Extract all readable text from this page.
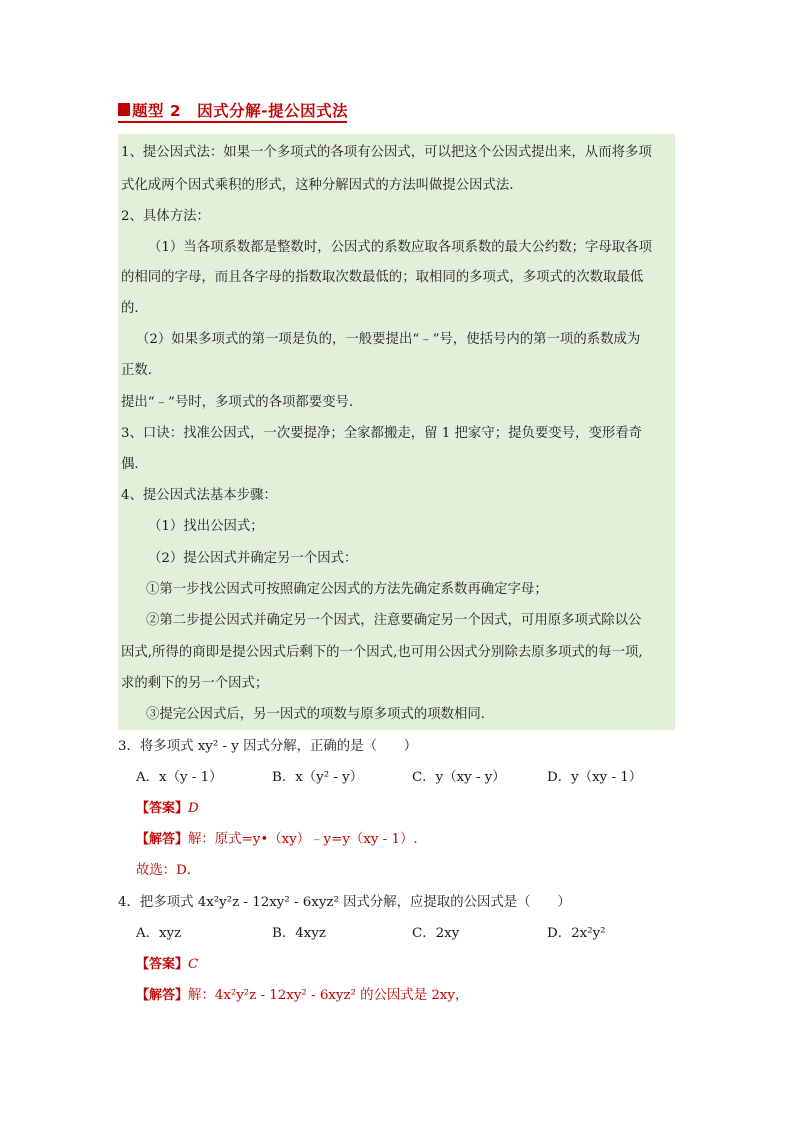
题型 2　因式分解-提公因式法
1、提公因式法：如果一个多项式的各项有公因式，可以把这个公因式提出来，从而将多项
式化成两个因式乘积的形式，这种分解因式的方法叫做提公因式法．
2、具体方法：
（1）当各项系数都是整数时，公因式的系数应取各项系数的最大公约数；字母取各项
的相同的字母，而且各字母的指数取次数最低的；取相同的多项式，多项式的次数取最低
的．
（2）如果多项式的第一项是负的，一般要提出“﹣”号，使括号内的第一项的系数成为
正数．
提出“﹣”号时，多项式的各项都要变号．
3、口诀：找准公因式，一次要提净；全家都搬走，留 1 把家守；提负要变号，变形看奇
偶．
4、提公因式法基本步骤：
（1）找出公因式；
（2）提公因式并确定另一个因式：
①第一步找公因式可按照确定公因式的方法先确定系数再确定字母；
②第二步提公因式并确定另一个因式，注意要确定另一个因式，可用原多项式除以公
因式,所得的商即是提公因式后剩下的一个因式,也可用公因式分别除去原多项式的每一项,
求的剩下的另一个因式；
③提完公因式后，另一因式的项数与原多项式的项数相同．
3．将多项式 xy² - y 因式分解，正确的是（　　）
A．x（y - 1）	B．x（y² - y）	C．y（xy - y）	D．y（xy - 1）
【答案】D
【解答】解：原式=y•（xy）﹣y=y（xy - 1）.
故选：D．
4．把多项式 4x²y²z - 12xy² - 6xyz² 因式分解，应提取的公因式是（　　）
A．xyz	B．4xyz	C．2xy	D．2x²y²
【答案】C
【解答】解：4x²y²z - 12xy² - 6xyz² 的公因式是 2xy，
